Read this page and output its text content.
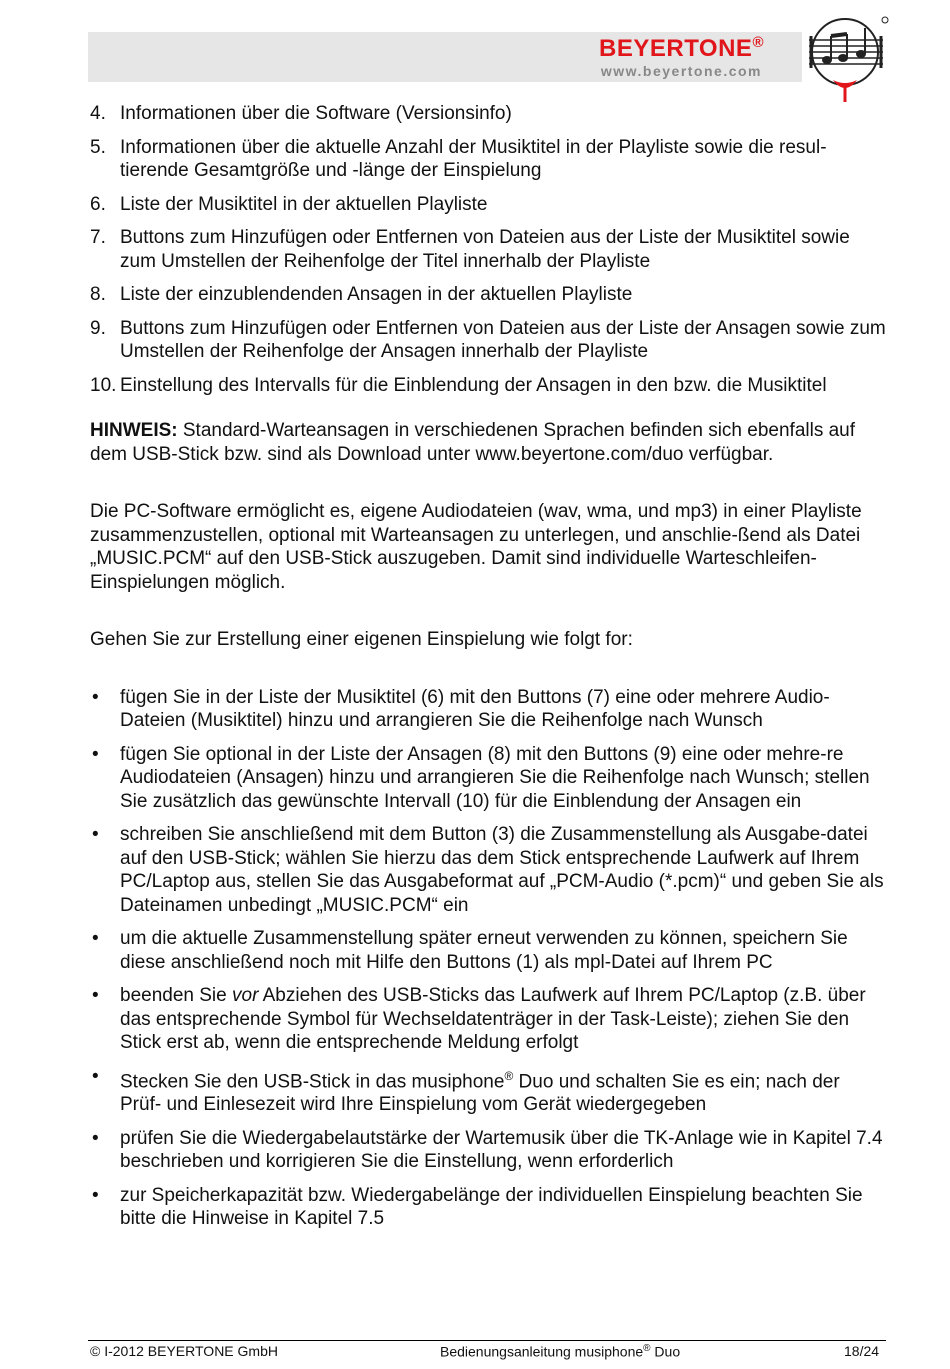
BEYERTONE®
www.beyertone.com
4. Informationen über die Software (Versionsinfo)
5. Informationen über die aktuelle Anzahl der Musiktitel in der Playliste sowie die resul-tierende Gesamtgröße und -länge der Einspielung
6. Liste der Musiktitel in der aktuellen Playliste
7. Buttons zum Hinzufügen oder Entfernen von Dateien aus der Liste der Musiktitel sowie zum Umstellen der Reihenfolge der Titel innerhalb der Playliste
8. Liste der einzublendenden Ansagen in der aktuellen Playliste
9. Buttons zum Hinzufügen oder Entfernen von Dateien aus der Liste der Ansagen sowie zum Umstellen der Reihenfolge der Ansagen innerhalb der Playliste
10. Einstellung des Intervalls für die Einblendung der Ansagen in den bzw. die Musiktitel
HINWEIS: Standard-Warteansagen in verschiedenen Sprachen befinden sich ebenfalls auf dem USB-Stick bzw. sind als Download unter www.beyertone.com/duo verfügbar.
Die PC-Software ermöglicht es, eigene Audiodateien (wav, wma, und mp3) in einer Playliste zusammenzustellen, optional mit Warteansagen zu unterlegen, und anschlie-ßend als Datei „MUSIC.PCM“ auf den USB-Stick auszugeben. Damit sind individuelle Warteschleifen-Einspielungen möglich.
Gehen Sie zur Erstellung einer eigenen Einspielung wie folgt for:
• fügen Sie in der Liste der Musiktitel (6) mit den Buttons (7) eine oder mehrere Audio-Dateien (Musiktitel) hinzu und arrangieren Sie die Reihenfolge nach Wunsch
• fügen Sie optional in der Liste der Ansagen (8) mit den Buttons (9) eine oder mehre-re Audiodateien (Ansagen) hinzu und arrangieren Sie die Reihenfolge nach Wunsch; stellen Sie zusätzlich das gewünschte Intervall (10) für die Einblendung der Ansagen ein
• schreiben Sie anschließend mit dem Button (3) die Zusammenstellung als Ausgabe-datei auf den USB-Stick; wählen Sie hierzu das dem Stick entsprechende Laufwerk auf Ihrem PC/Laptop aus, stellen Sie das Ausgabeformat auf „PCM-Audio (*.pcm)“ und geben Sie als Dateinamen unbedingt „MUSIC.PCM“ ein
• um die aktuelle Zusammenstellung später erneut verwenden zu können, speichern Sie diese anschließend noch mit Hilfe den Buttons (1) als mpl-Datei auf Ihrem PC
• beenden Sie vor Abziehen des USB-Sticks das Laufwerk auf Ihrem PC/Laptop (z.B. über das entsprechende Symbol für Wechseldatenträger in der Task-Leiste); ziehen Sie den Stick erst ab, wenn die entsprechende Meldung erfolgt
• Stecken Sie den USB-Stick in das musiphone® Duo und schalten Sie es ein; nach der Prüf- und Einlesezeit wird Ihre Einspielung vom Gerät wiedergegeben
• prüfen Sie die Wiedergabelautstärke der Wartemusik über die TK-Anlage wie in Kapitel 7.4 beschrieben und korrigieren Sie die Einstellung, wenn erforderlich
• zur Speicherkapazität bzw. Wiedergabelänge der individuellen Einspielung beachten Sie bitte die Hinweise in Kapitel 7.5
© I-2012 BEYERTONE GmbH	Bedienungsanleitung musiphone® Duo	18/24
